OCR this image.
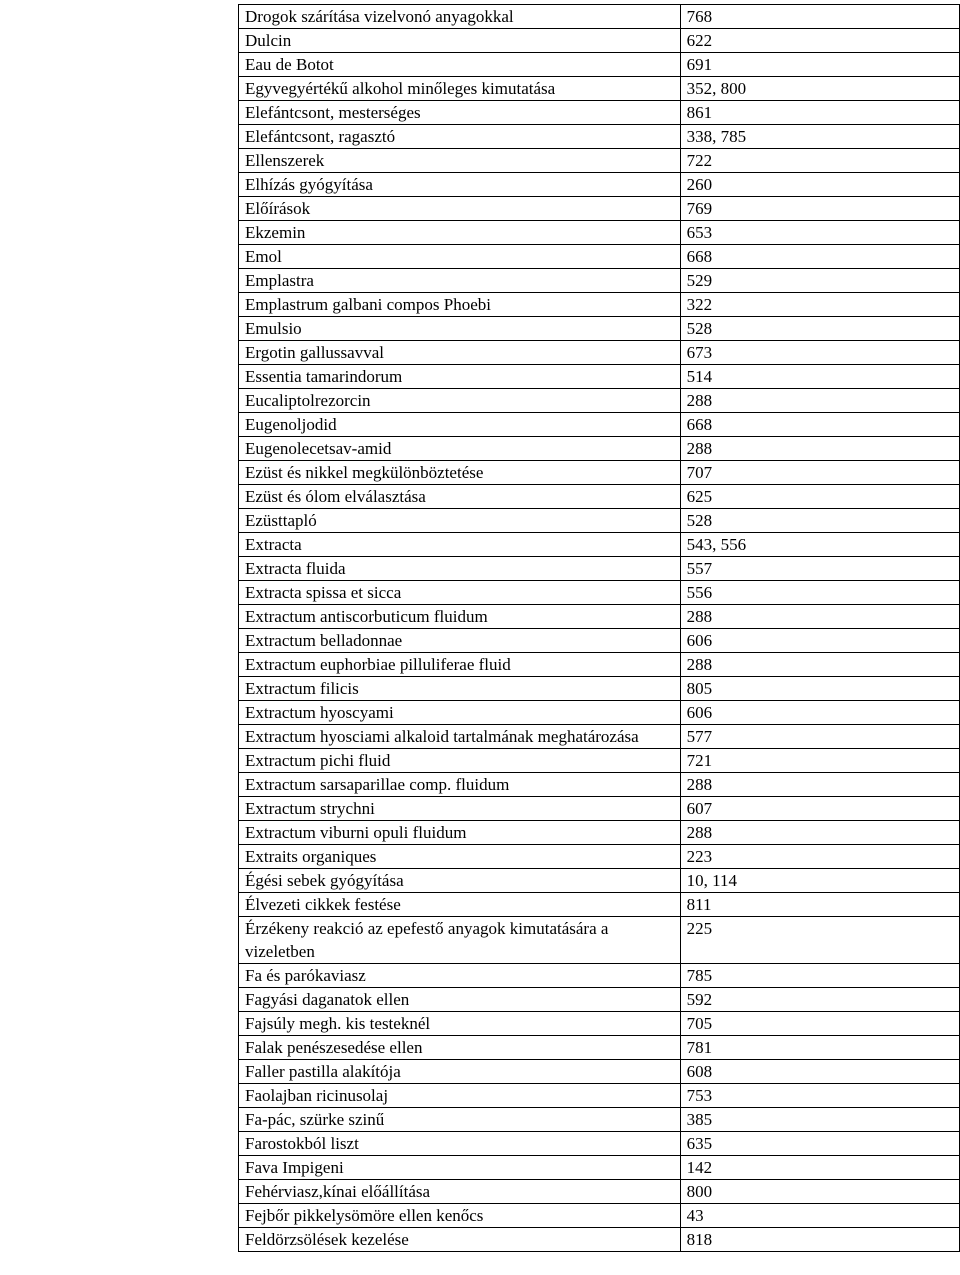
Drogok szárítása vizelvonó anyagokkal	768
Dulcin	622
Eau de Botot	691
Egyvegyértékű alkohol minőleges kimutatása	352, 800
Elefántcsont, mesterséges	861
Elefántcsont, ragasztó	338, 785
Ellenszerek	722
Elhízás gyógyítása	260
Előírások	769
Ekzemin	653
Emol	668
Emplastra	529
Emplastrum galbani compos Phoebi	322
Emulsio	528
Ergotin gallussavval	673
Essentia tamarindorum	514
Eucaliptolrezorcin	288
Eugenoljodid	668
Eugenolecetsav-amid	288
Ezüst és nikkel megkülönböztetése	707
Ezüst és ólom elválasztása	625
Ezüsttapló	528
Extracta	543, 556
Extracta fluida	557
Extracta spissa et sicca	556
Extractum antiscorbuticum fluidum	288
Extractum belladonnae	606
Extractum euphorbiae pilluliferae fluid	288
Extractum filicis	805
Extractum hyoscyami	606
Extractum hyosciami alkaloid tartalmának meghatározása	577
Extractum pichi fluid	721
Extractum sarsaparillae comp. fluidum	288
Extractum strychni	607
Extractum viburni opuli fluidum	288
Extraits organiques	223
Égési sebek gyógyítása	10, 114
Élvezeti cikkek festése	811
Érzékeny reakció az epefestő anyagok kimutatására a vizeletben	225
Fa és parókaviasz	785
Fagyási daganatok ellen	592
Fajsúly megh. kis testeknél	705
Falak penészesedése ellen	781
Faller pastilla alakítója	608
Faolajban ricinusolaj	753
Fa-pác, szürke szinű	385
Farostokból liszt	635
Fava Impigeni	142
Fehérviasz,kínai előállítása	800
Fejbőr pikkelysömöre ellen kenőcs	43
Feldörzsölések kezelése	818
